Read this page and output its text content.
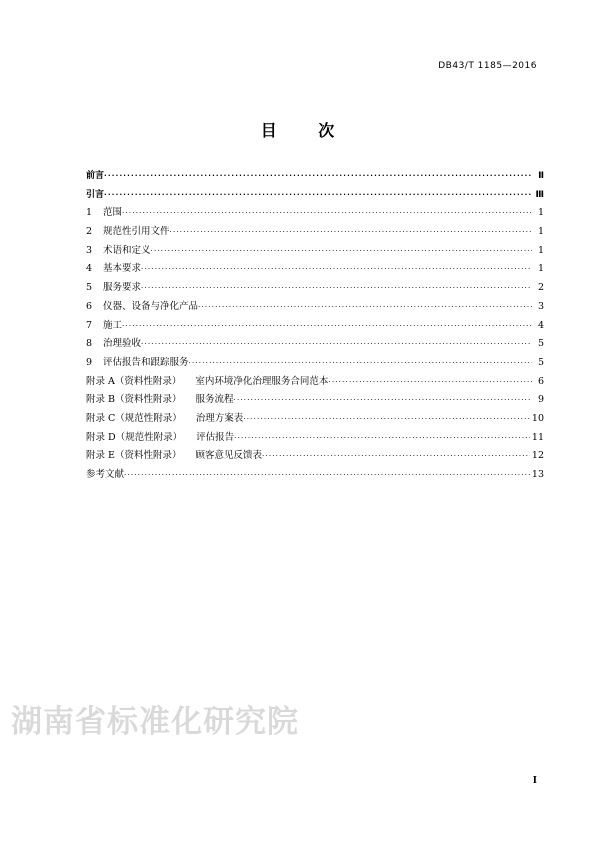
DB43/T 1185—2016
目 次
前言 ·····	Ⅱ
引言 ·····	Ⅲ
1	范围 ·····	1
2	规范性引用文件 ·····	1
3	术语和定义 ·····	1
4	基本要求 ·····	1
5	服务要求 ·····	2
6	仪器、设备与净化产品 ·····	3
7	施工 ·····	4
8	治理验收 ·····	5
9	评估报告和跟踪服务 ·····	5
附录 A（资料性附录） 室内环境净化治理服务合同范本 ·····	6
附录 B（资料性附录） 服务流程 ·····	9
附录 C（规范性附录） 治理方案表 ·····	10
附录 D（规范性附录） 评估报告 ·····	11
附录 E（资料性附录） 顾客意见反馈表 ·····	12
参考文献 ·····	13
湖南省标准化研究院
I
